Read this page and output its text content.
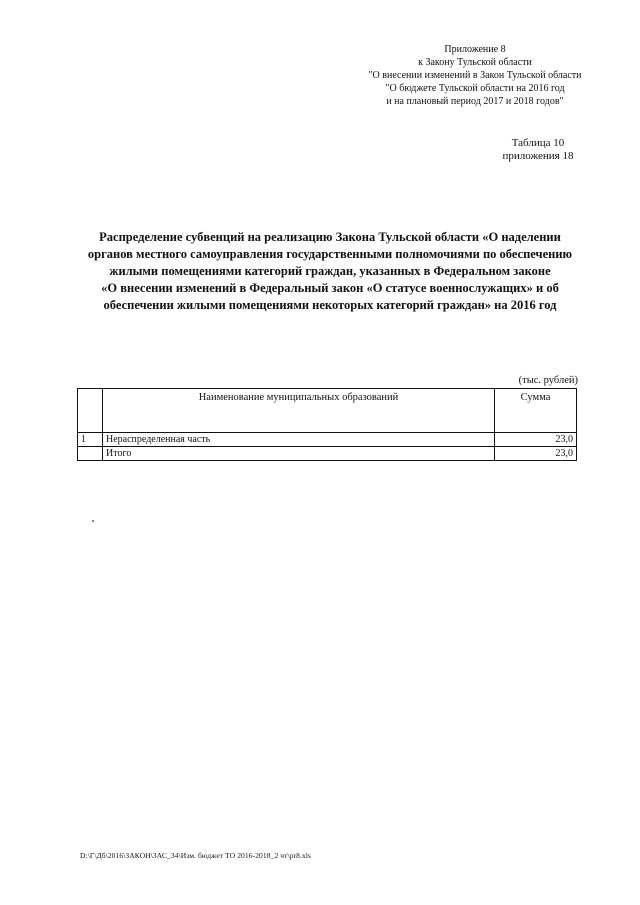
Приложение 8
к Закону Тульской области
"О внесении изменений в Закон Тульской области
"О бюджете Тульской области на 2016 год
и на плановый период 2017 и 2018 годов"
Таблица 10
приложения 18
Распределение субвенций на реализацию Закона Тульской области «О наделении
органов местного самоуправления государственными полномочиями по обеспечению
жилыми помещениями категорий граждан, указанных в Федеральном законе
«О внесении изменений в Федеральный закон «О статусе военнослужащих» и об
обеспечении жилыми помещениями некоторых категорий граждан» на 2016 год
(тыс. рублей)
	Наименование муниципальных образований	Сумма
1	Нераспределенная часть	23,0
	Итого	23,0
D:\Г\Дб\2016\ЗАКОН\ЗАС_34\Изм. бюджет ТО 2016-2018_2 чт\pr8.xls
